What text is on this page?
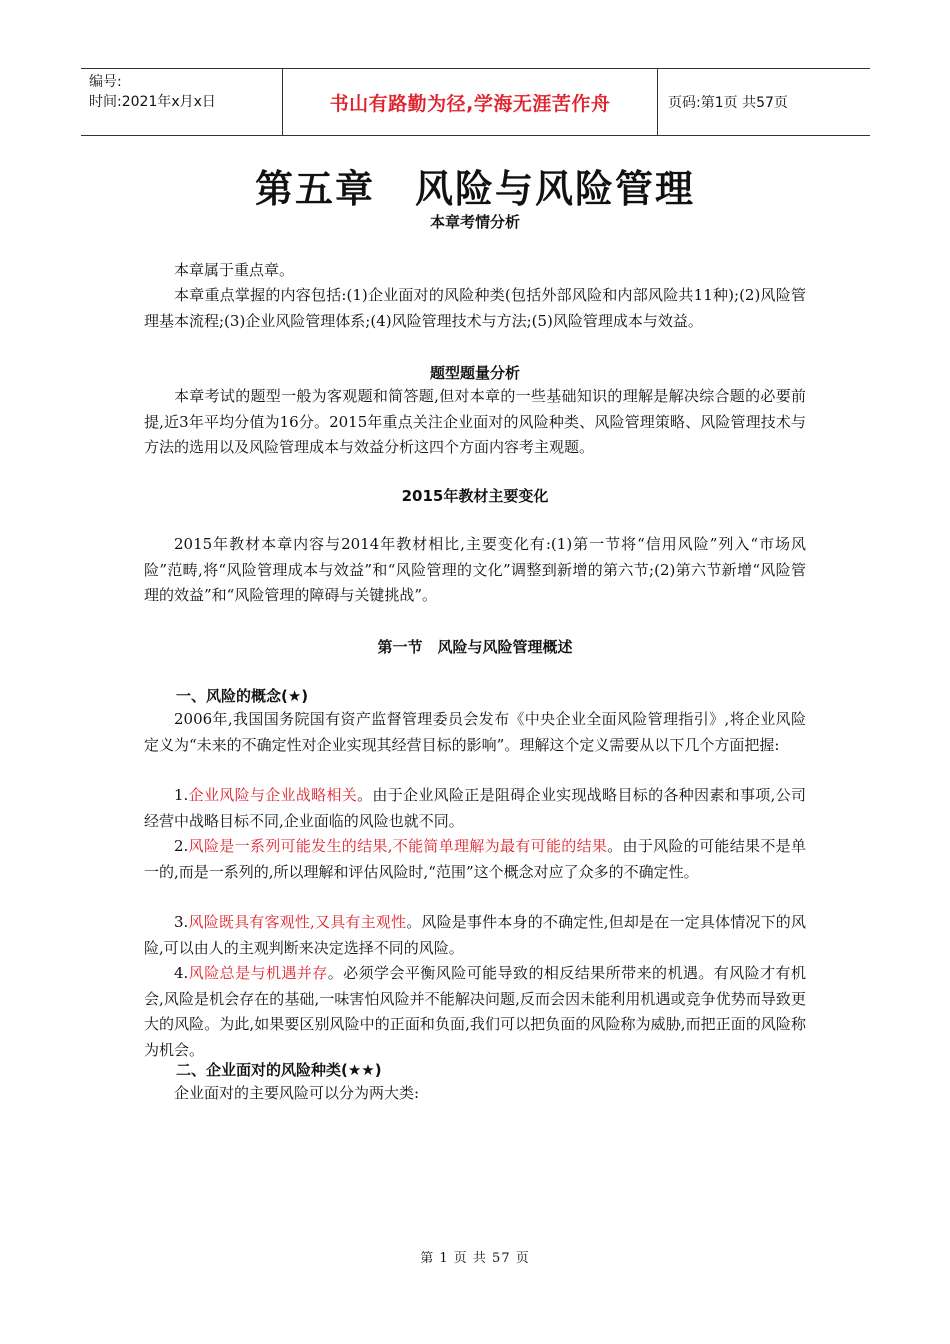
编号:
时间:2021年x月x日	书山有路勤为径,学海无涯苦作舟	页码:第1页 共57页
第五章　风险与风险管理
本章考情分析

本章属于重点章。

本章重点掌握的内容包括:(1)企业面对的风险种类(包括外部风险和内部风险共11种);(2)风险管理基本流程;(3)企业风险管理体系;(4)风险管理技术与方法;(5)风险管理成本与效益。

题型题量分析

本章考试的题型一般为客观题和简答题,但对本章的一些基础知识的理解是解决综合题的必要前提,近3年平均分值为16分。2015年重点关注企业面对的风险种类、风险管理策略、风险管理技术与方法的选用以及风险管理成本与效益分析这四个方面内容考主观题。

2015年教材主要变化

2015年教材本章内容与2014年教材相比,主要变化有:(1)第一节将“信用风险”列入“市场风险”范畴,将“风险管理成本与效益”和“风险管理的文化”调整到新增的第六节;(2)第六节新增“风险管理的效益”和“风险管理的障碍与关键挑战”。

第一节　风险与风险管理概述
一、风险的概念(★)

2006年,我国国务院国有资产监督管理委员会发布《中央企业全面风险管理指引》,将企业风险定义为“未来的不确定性对企业实现其经营目标的影响”。理解这个定义需要从以下几个方面把握:

1.企业风险与企业战略相关。由于企业风险正是阻碍企业实现战略目标的各种因素和事项,公司经营中战略目标不同,企业面临的风险也就不同。

2.风险是一系列可能发生的结果,不能简单理解为最有可能的结果。由于风险的可能结果不是单一的,而是一系列的,所以理解和评估风险时,“范围”这个概念对应了众多的不确定性。

3.风险既具有客观性,又具有主观性。风险是事件本身的不确定性,但却是在一定具体情况下的风险,可以由人的主观判断来决定选择不同的风险。

4.风险总是与机遇并存。必须学会平衡风险可能导致的相反结果所带来的机遇。有风险才有机会,风险是机会存在的基础,一味害怕风险并不能解决问题,反而会因未能利用机遇或竞争优势而导致更大的风险。为此,如果要区别风险中的正面和负面,我们可以把负面的风险称为威胁,而把正面的风险称为机会。

二、企业面对的风险种类(★★)

企业面对的主要风险可以分为两大类:

第 1 页 共 57 页
